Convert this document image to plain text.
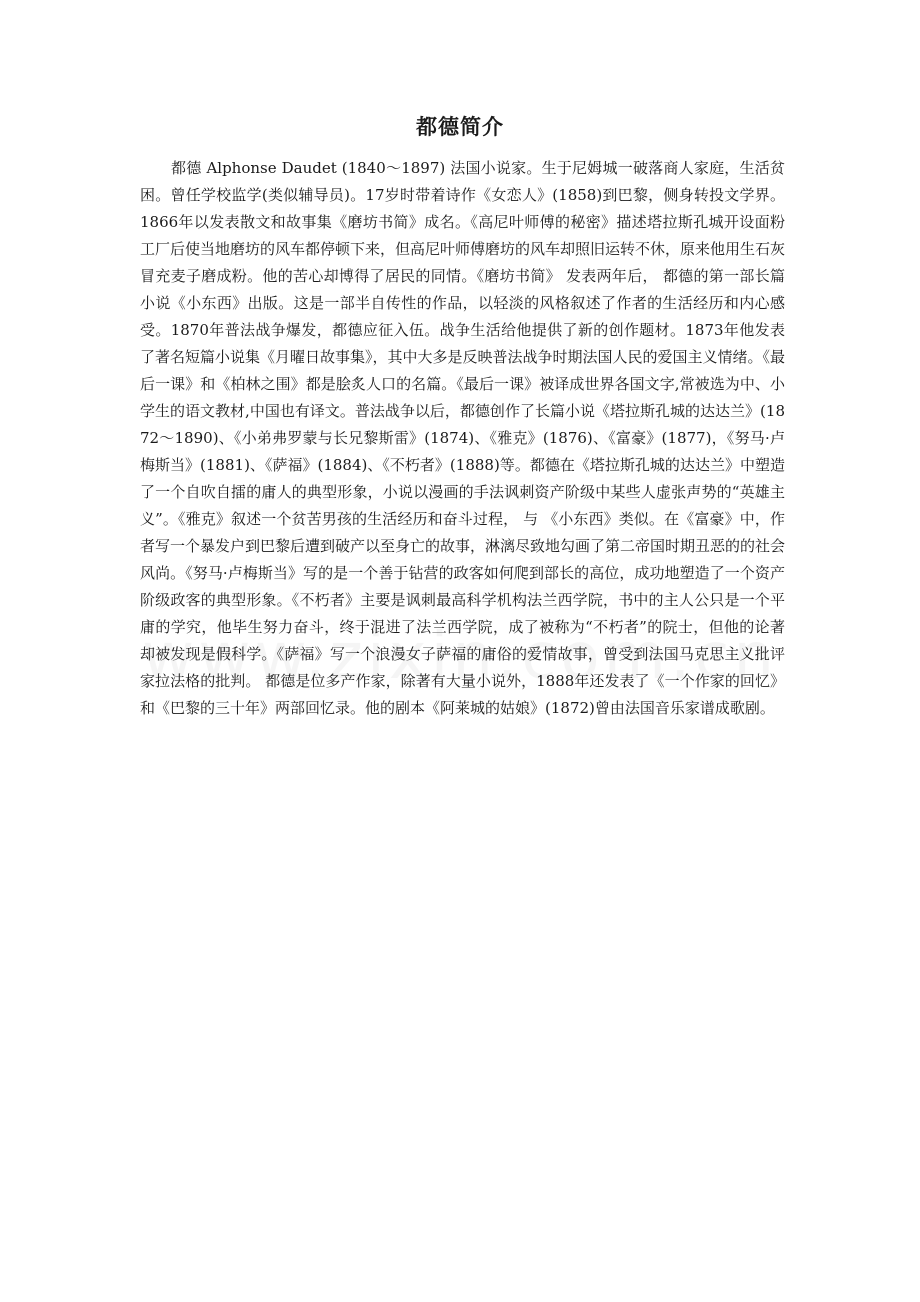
都德简介

都德 Alphonse Daudet (1840～1897) 法国小说家。生于尼姆城一破落商人家庭，生活贫困。曾任学校监学(类似辅导员)。17岁时带着诗作《女恋人》(1858)到巴黎，侧身转投文学界。1866年以发表散文和故事集《磨坊书简》成名。《高尼叶师傅的秘密》描述塔拉斯孔城开设面粉工厂后使当地磨坊的风车都停顿下来，但高尼叶师傅磨坊的风车却照旧运转不休，原来他用生石灰冒充麦子磨成粉。他的苦心却博得了居民的同情。《磨坊书简》 发表两年后， 都德的第一部长篇小说《小东西》出版。这是一部半自传性的作品，以轻淡的风格叙述了作者的生活经历和内心感受。1870年普法战争爆发，都德应征入伍。战争生活给他提供了新的创作题材。1873年他发表了著名短篇小说集《月曜日故事集》，其中大多是反映普法战争时期法国人民的爱国主义情绪。《最后一课》和《柏林之围》都是脍炙人口的名篇。《最后一课》被译成世界各国文字,常被选为中、小学生的语文教材,中国也有译文。普法战争以后，都德创作了长篇小说《塔拉斯孔城的达达兰》(1872～1890)、《小弟弗罗蒙与长兄黎斯雷》(1874)、《雅克》(1876)、《富豪》(1877)，《努马·卢梅斯当》(1881)、《萨福》(1884)、《不朽者》(1888)等。都德在《塔拉斯孔城的达达兰》中塑造了一个自吹自擂的庸人的典型形象，小说以漫画的手法讽刺资产阶级中某些人虚张声势的“英雄主义”。《雅克》叙述一个贫苦男孩的生活经历和奋斗过程， 与 《小东西》类似。在《富豪》中，作者写一个暴发户到巴黎后遭到破产以至身亡的故事，淋漓尽致地勾画了第二帝国时期丑恶的的社会风尚。《努马·卢梅斯当》写的是一个善于钻营的政客如何爬到部长的高位，成功地塑造了一个资产阶级政客的典型形象。《不朽者》主要是讽刺最高科学机构法兰西学院，书中的主人公只是一个平庸的学究，他毕生努力奋斗，终于混进了法兰西学院，成了被称为“不朽者”的院士，但他的论著却被发现是假科学。《萨福》写一个浪漫女子萨福的庸俗的爱情故事，曾受到法国马克思主义批评家拉法格的批判。 都德是位多产作家，除著有大量小说外，1888年还发表了《一个作家的回忆》和《巴黎的三十年》两部回忆录。他的剧本《阿莱城的姑娘》(1872)曾由法国音乐家谱成歌剧。
